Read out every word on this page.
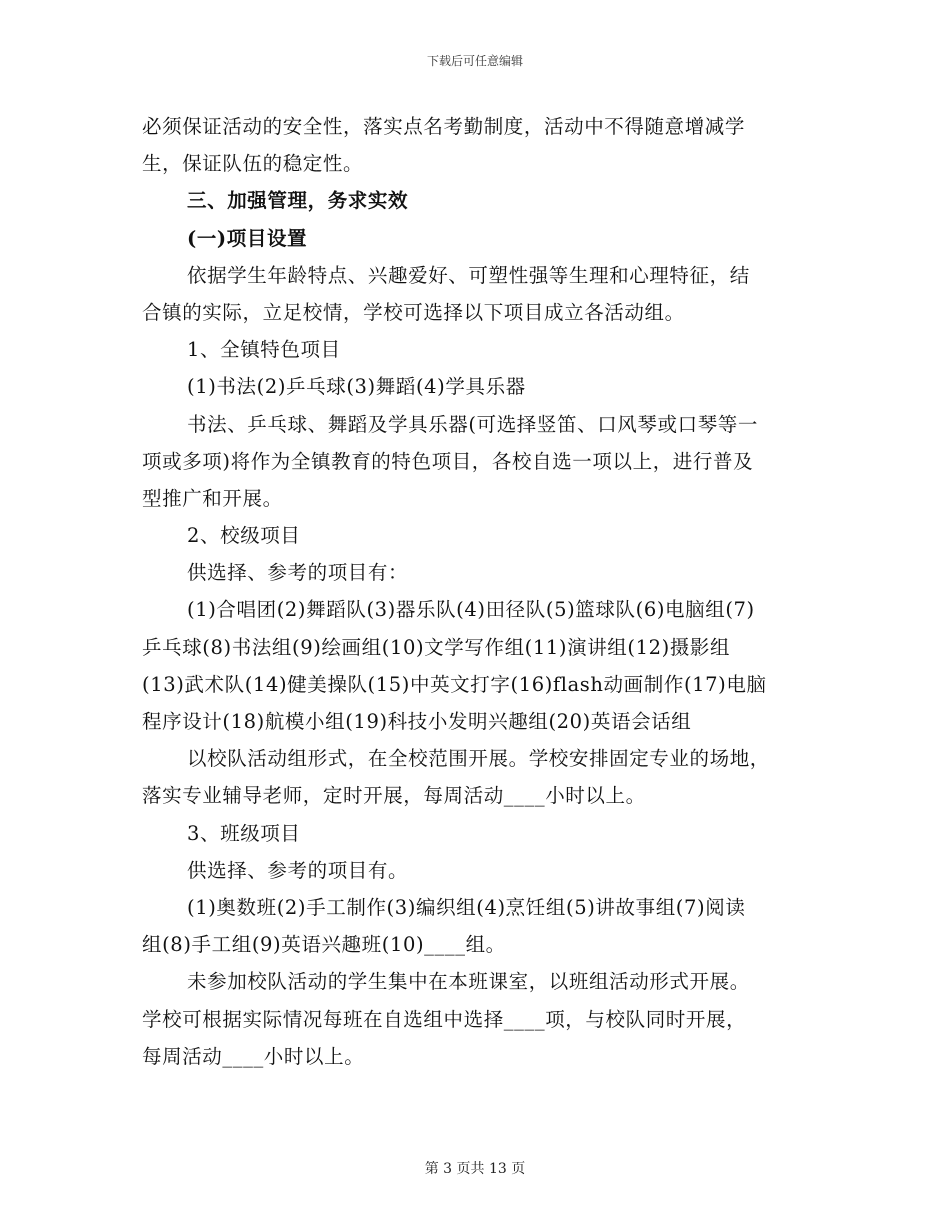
下载后可任意编辑
必须保证活动的安全性，落实点名考勤制度，活动中不得随意增减学
生，保证队伍的稳定性。
三、加强管理，务求实效
(一)项目设置
依据学生年龄特点、兴趣爱好、可塑性强等生理和心理特征，结
合镇的实际，立足校情，学校可选择以下项目成立各活动组。
1、全镇特色项目
(1)书法(2)乒乓球(3)舞蹈(4)学具乐器
书法、乒乓球、舞蹈及学具乐器(可选择竖笛、口风琴或口琴等一
项或多项)将作为全镇教育的特色项目，各校自选一项以上，进行普及
型推广和开展。
2、校级项目
供选择、参考的项目有：
(1)合唱团(2)舞蹈队(3)器乐队(4)田径队(5)篮球队(6)电脑组(7)
乒乓球(8)书法组(9)绘画组(10)文学写作组(11)演讲组(12)摄影组
(13)武术队(14)健美操队(15)中英文打字(16)flash动画制作(17)电脑
程序设计(18)航模小组(19)科技小发明兴趣组(20)英语会话组
以校队活动组形式，在全校范围开展。学校安排固定专业的场地，
落实专业辅导老师，定时开展，每周活动____小时以上。
3、班级项目
供选择、参考的项目有。
(1)奥数班(2)手工制作(3)编织组(4)烹饪组(5)讲故事组(7)阅读
组(8)手工组(9)英语兴趣班(10)____组。
未参加校队活动的学生集中在本班课室，以班组活动形式开展。
学校可根据实际情况每班在自选组中选择____项，与校队同时开展，
每周活动____小时以上。
第 3 页共 13 页
